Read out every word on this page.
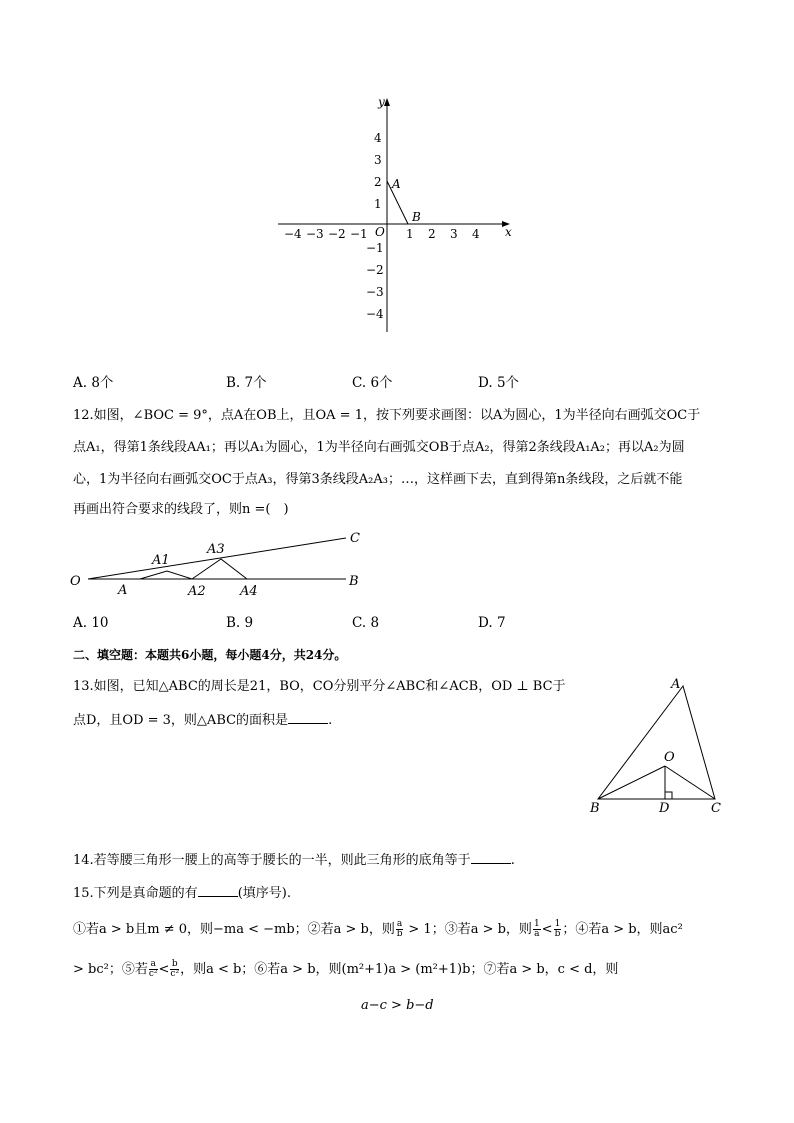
y
x
O
A
B
−4 −3 −2 −1	1 2 3 4
4
3
2
1
−1
−2
−3
−4
A. 8个	B. 7个	C. 6个	D. 5个
12.如图，∠BOC = 9°，点A在OB上，且OA = 1，按下列要求画图：以A为圆心，1为半径向右画弧交OC于
点A₁，得第1条线段AA₁；再以A₁为圆心，1为半径向右画弧交OB于点A₂，得第2条线段A₁A₂；再以A₂为圆
心，1为半径向右画弧交OC于点A₃，得第3条线段A₂A₃；…，这样画下去，直到得第n条线段，之后就不能
再画出符合要求的线段了，则n =(　)
O
A
A1
A2
A3
A4
B
C
A. 10	B. 9	C. 8	D. 7
二、填空题：本题共6小题，每小题4分，共24分。
13.如图，已知△ABC的周长是21，BO，CO分别平分∠ABC和∠ACB，OD ⊥ BC于
点D，且OD = 3，则△ABC的面积是	.
A
O
B	D	C
14.若等腰三角形一腰上的高等于腰长的一半，则此三角形的底角等于	.
15.下列是真命题的有	(填序号).
①若a > b且m ≠ 0，则−ma < −mb；②若a > b，则 $\frac{a}{b} > 1$；③若a > b，则 $\frac{1}{a} < \frac{1}{b}$ ；④若a > b，则ac²
> bc²；⑤若 $\frac{a}{\text{c²}} < \frac{b}{\text{c²}}$ ，则a < b；⑥若a > b，则(m²+1)a > (m²+1)b；⑦若a > b，c < d，则
a−c > b−d
